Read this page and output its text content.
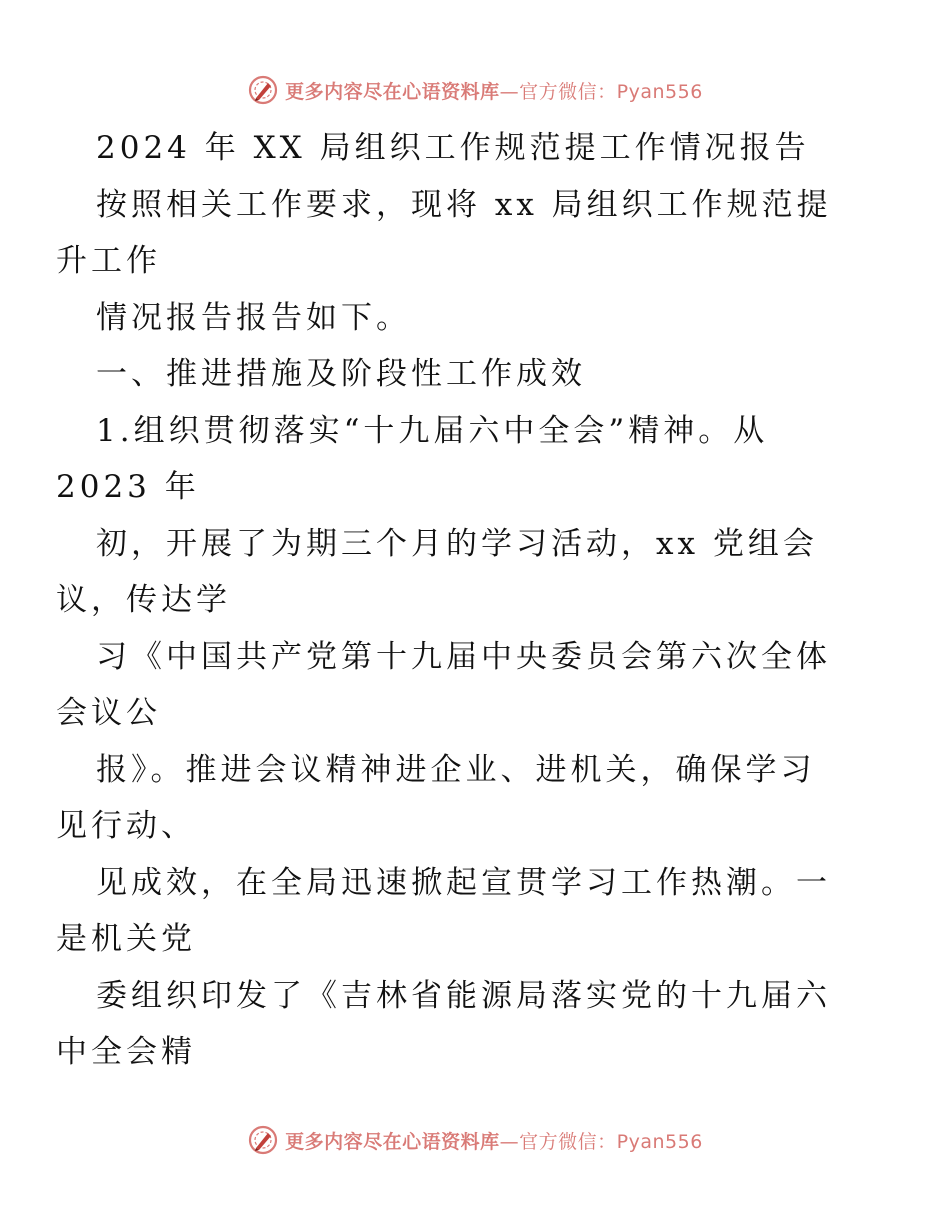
更多内容尽在心语资料库—官方微信：Pyan556

2024 年 XX 局组织工作规范提工作情况报告

按照相关工作要求，现将 xx 局组织工作规范提

升工作

情况报告报告如下。

一、推进措施及阶段性工作成效

1.组织贯彻落实“十九届六中全会”精神。从

2023 年

初，开展了为期三个月的学习活动，xx 党组会

议，传达学

习《中国共产党第十九届中央委员会第六次全体

会议公

报》。推进会议精神进企业、进机关，确保学习

见行动、

见成效，在全局迅速掀起宣贯学习工作热潮。一

是机关党

委组织印发了《吉林省能源局落实党的十九届六

中全会精

更多内容尽在心语资料库—官方微信：Pyan556
